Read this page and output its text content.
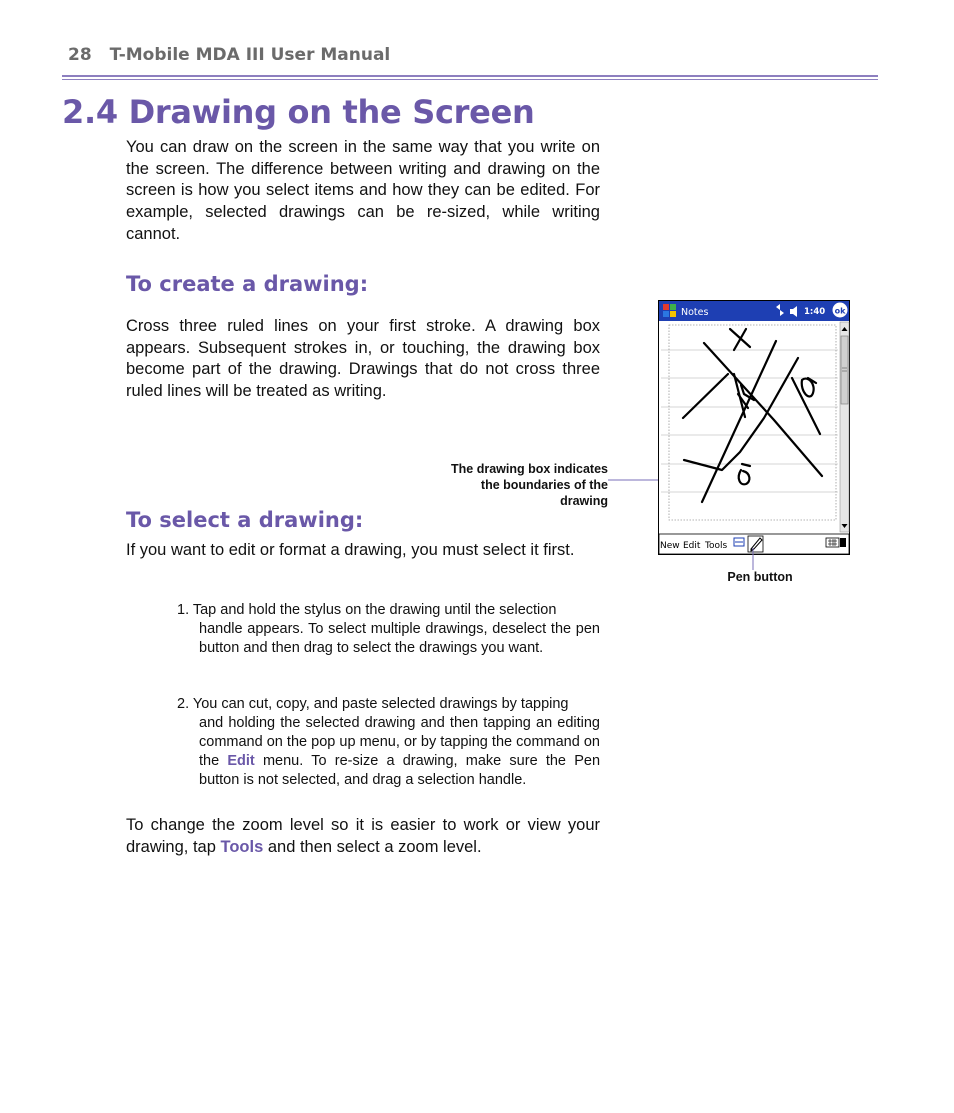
28 T-Mobile MDA III User Manual
2.4 Drawing on the Screen

You can draw on the screen in the same way that you write on the screen. The difference between writing and drawing on the screen is how you select items and how they can be edited. For example, selected drawings can be re-sized, while writing cannot.

To create a drawing:

Cross three ruled lines on your first stroke. A drawing box appears. Subsequent strokes in, or touching, the drawing box become part of the drawing. Drawings that do not cross three ruled lines will be treated as writing.

The drawing box indicates
the boundaries of the
drawing
To select a drawing:

If you want to edit or format a drawing, you must select it first.

1. Tap and hold the stylus on the drawing until the selection
handle appears. To select multiple drawings, deselect the pen button and then drag to select the drawings you want.

2. You can cut, copy, and paste selected drawings by tapping
and holding the selected drawing and then tapping an editing command on the pop up menu, or by tapping the command on the Edit menu. To re-size a drawing, make sure the Pen button is not selected, and drag a selection handle.

To change the zoom level so it is easier to work or view your drawing, tap Tools and then select a zoom level.

Notes	1:40 ok
New Edit Tools
Pen button
